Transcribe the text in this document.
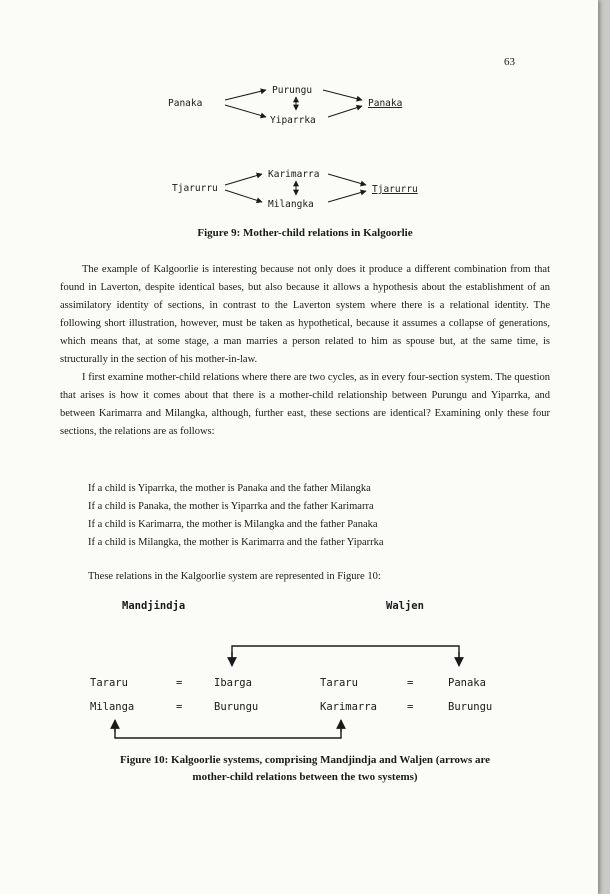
63
Panaka
Purungu
Yiparrka
Panaka
Tjarurru
Karimarra
Milangka
Tjarurru
Figure 9: Mother-child relations in Kalgoorlie

The example of Kalgoorlie is interesting because not only does it produce a different combination from that found in Laverton, despite identical bases, but also because it allows a hypothesis about the establishment of an assimilatory identity of sections, in contrast to the Laverton system where there is a relational identity. The following short illustration, however, must be taken as hypothetical, because it assumes a collapse of generations, which means that, at some stage, a man marries a person related to him as spouse but, at the same time, is structurally in the section of his mother-in-law.

I first examine mother-child relations where there are two cycles, as in every four-section system. The question that arises is how it comes about that there is a mother-child relationship between Purungu and Yiparrka, and between Karimarra and Milangka, although, further east, these sections are identical? Examining only these four sections, the relations are as follows:

If a child is Yiparrka, the mother is Panaka and the father Milangka
If a child is Panaka, the mother is Yiparrka and the father Karimarra
If a child is Karimarra, the mother is Milangka and the father Panaka
If a child is Milangka, the mother is Karimarra and the father Yiparrka

These relations in the Kalgoorlie system are represented in Figure 10:

Mandjindja	Waljen
Tararu	=	Ibarga	Tararu	=	Panaka
Milanga	=	Burungu	Karimarra	=	Burungu
Figure 10: Kalgoorlie systems, comprising Mandjindja and Waljen (arrows are
mother-child relations between the two systems)
